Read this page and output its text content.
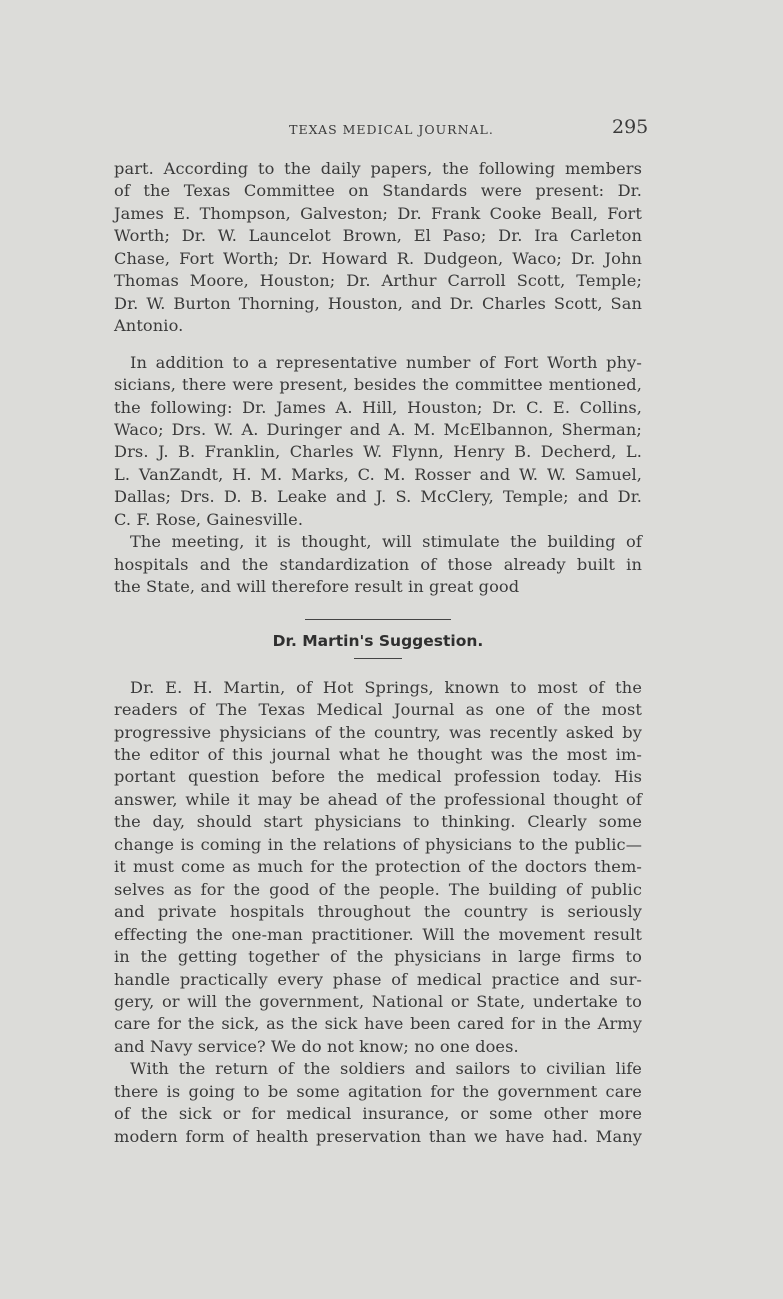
TEXAS MEDICAL JOURNAL.	295

part. According to the daily papers, the following members

of the Texas Committee on Standards were present: Dr.

James E. Thompson, Galveston; Dr. Frank Cooke Beall, Fort

Worth; Dr. W. Launcelot Brown, El Paso; Dr. Ira Carleton

Chase, Fort Worth; Dr. Howard R. Dudgeon, Waco; Dr. John

Thomas Moore, Houston; Dr. Arthur Carroll Scott, Temple;

Dr. W. Burton Thorning, Houston, and Dr. Charles Scott, San

Antonio.

In addition to a representative number of Fort Worth phy-

sicians, there were present, besides the committee mentioned,

the following: Dr. James A. Hill, Houston; Dr. C. E. Collins,

Waco; Drs. W. A. Duringer and A. M. McElbannon, Sherman;

Drs. J. B. Franklin, Charles W. Flynn, Henry B. Decherd, L.

L. VanZandt, H. M. Marks, C. M. Rosser and W. W. Samuel,

Dallas; Drs. D. B. Leake and J. S. McClery, Temple; and Dr.

C. F. Rose, Gainesville.

The meeting, it is thought, will stimulate the building of

hospitals and the standardization of those already built in

the State, and will therefore result in great good

Dr. Martin's Suggestion.

Dr. E. H. Martin, of Hot Springs, known to most of the

readers of The Texas Medical Journal as one of the most

progressive physicians of the country, was recently asked by

the editor of this journal what he thought was the most im-

portant question before the medical profession today. His

answer, while it may be ahead of the professional thought of

the day, should start physicians to thinking. Clearly some

change is coming in the relations of physicians to the public—

it must come as much for the protection of the doctors them-

selves as for the good of the people. The building of public

and private hospitals throughout the country is seriously

effecting the one-man practitioner. Will the movement result

in the getting together of the physicians in large firms to

handle practically every phase of medical practice and sur-

gery, or will the government, National or State, undertake to

care for the sick, as the sick have been cared for in the Army

and Navy service? We do not know; no one does.

With the return of the soldiers and sailors to civilian life

there is going to be some agitation for the government care

of the sick or for medical insurance, or some other more

modern form of health preservation than we have had. Many
